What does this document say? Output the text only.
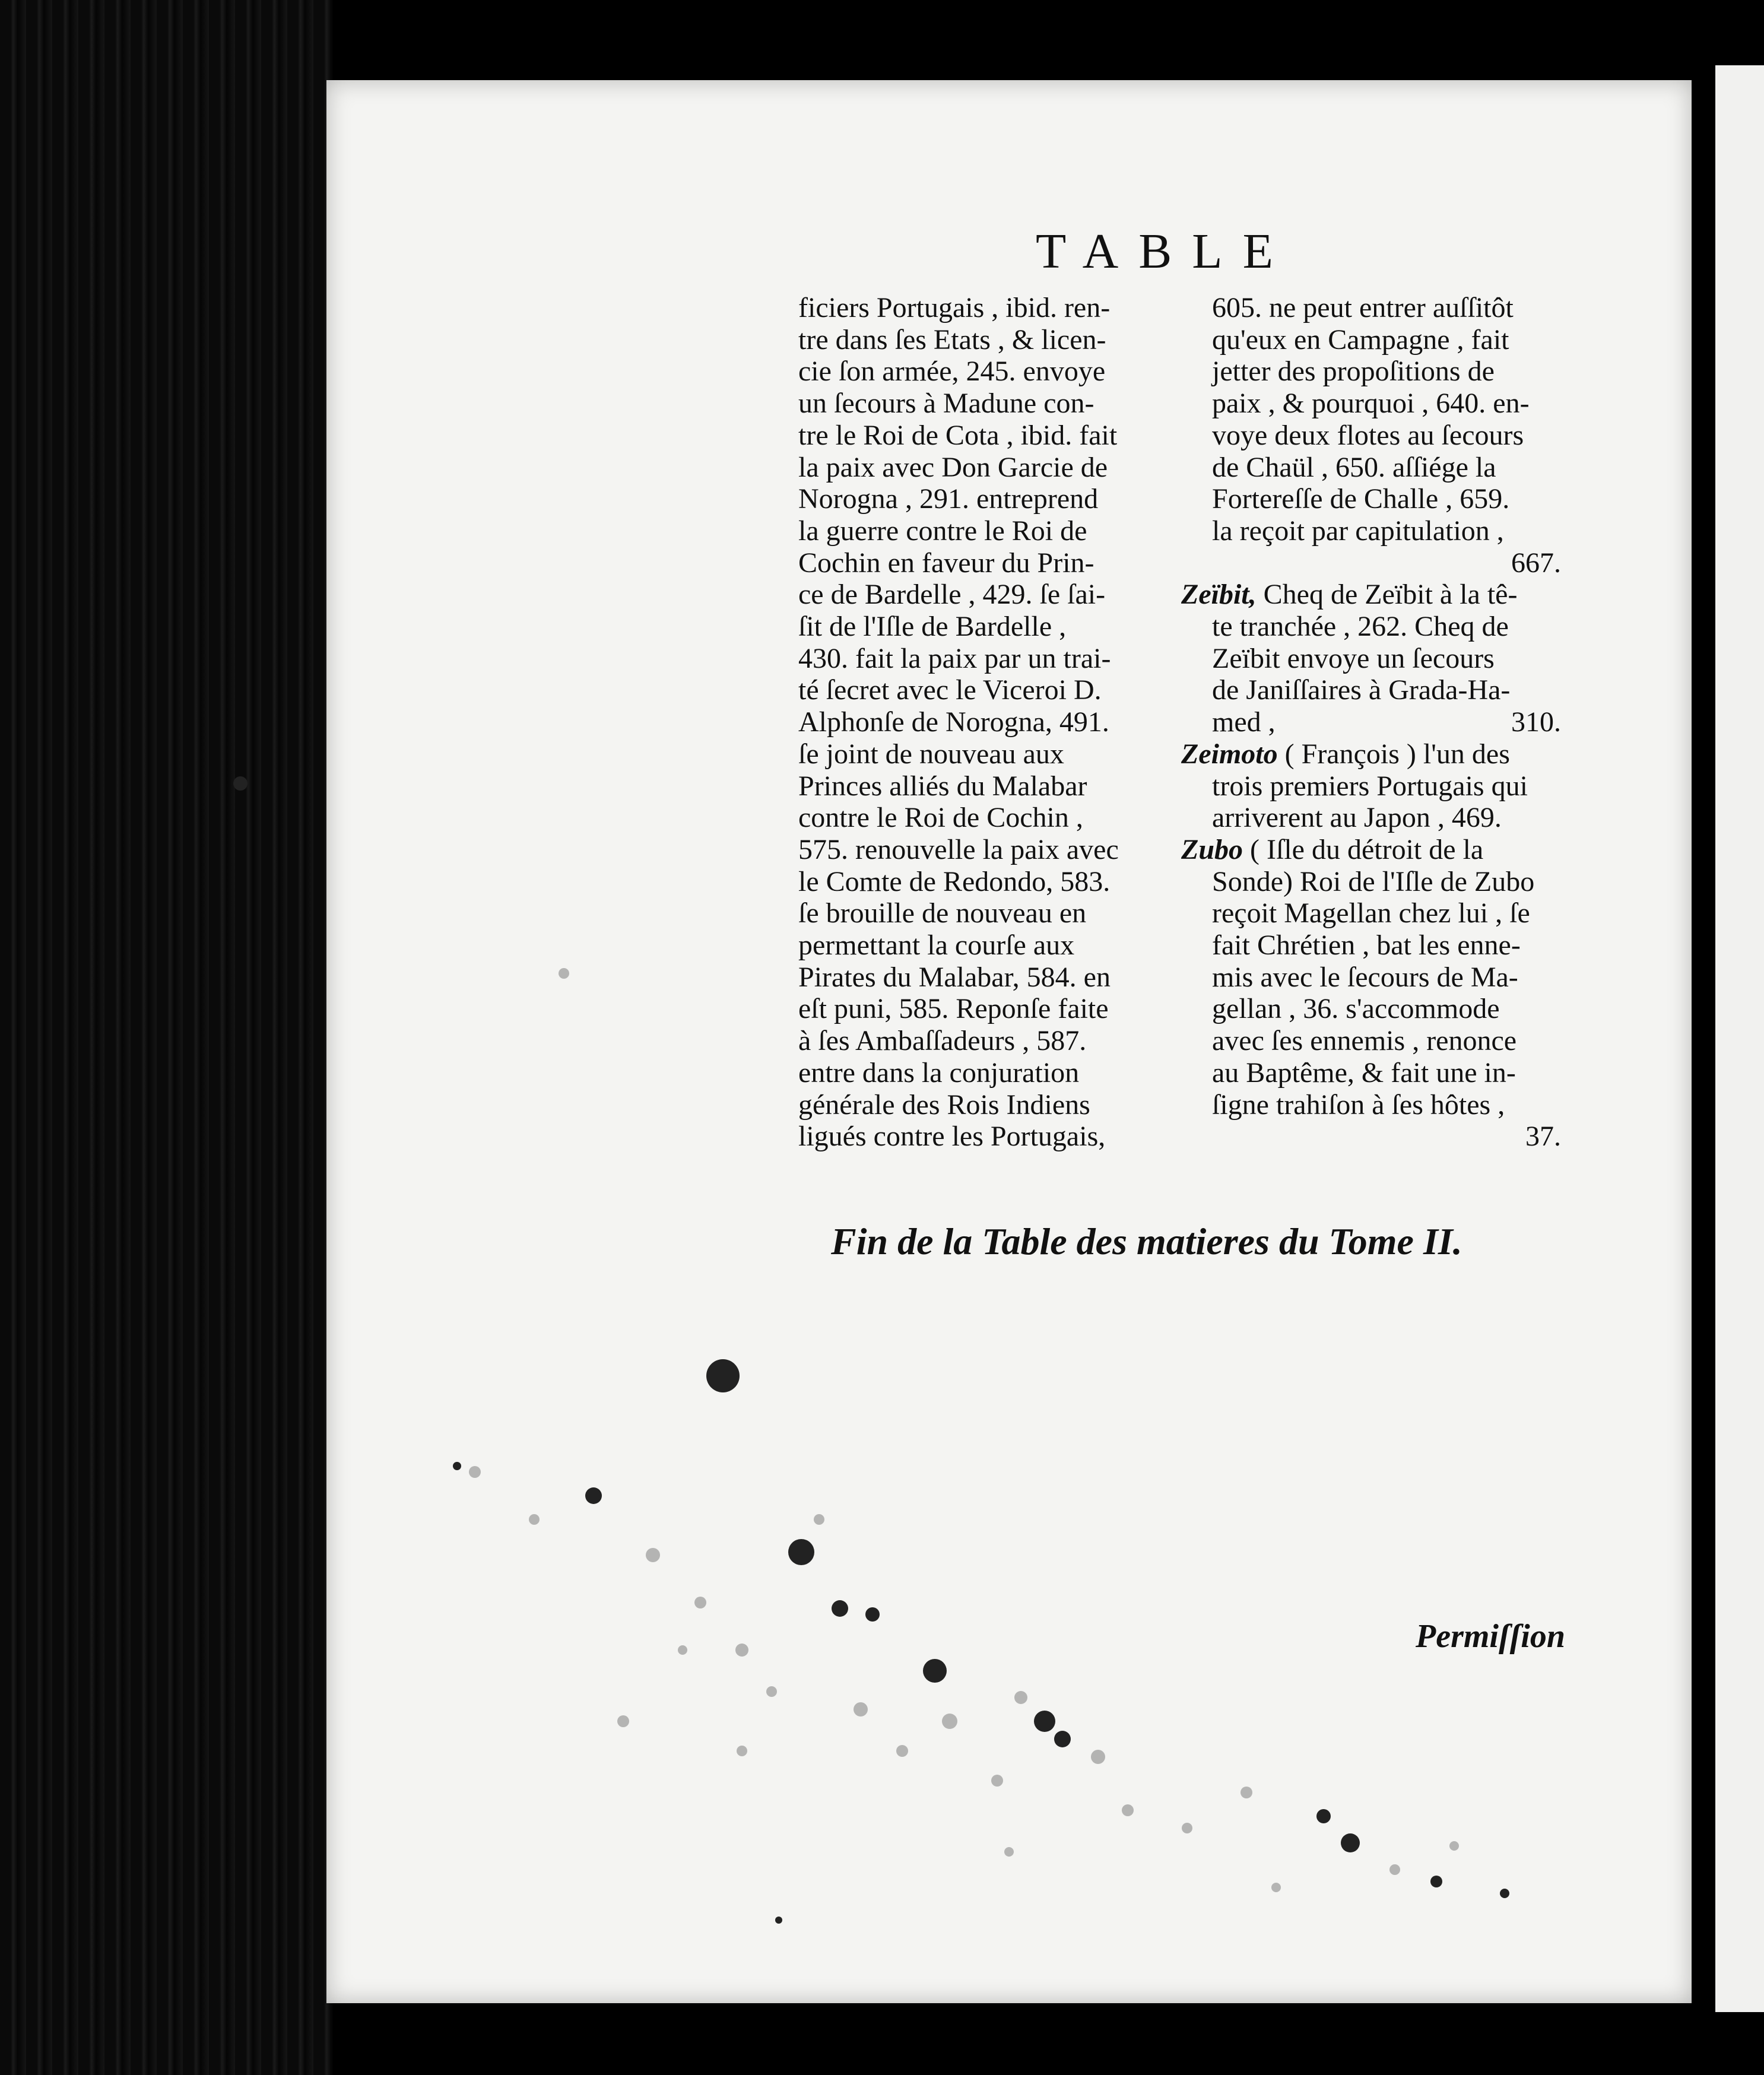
TABLE
ficiers Portugais , ibid. ren-
tre dans ſes Etats , & licen-
cie ſon armée, 245. envoye
un ſecours à Madune con-
tre le Roi de Cota , ibid. fait
la paix avec Don Garcie de
Norogna , 291. entreprend
la guerre contre le Roi de
Cochin en faveur du Prin-
ce de Bardelle , 429. ſe ſai-
ſit de l'Iſle de Bardelle ,
430. fait la paix par un trai-
té ſecret avec le Viceroi D.
Alphonſe de Norogna, 491.
ſe joint de nouveau aux
Princes alliés du Malabar
contre le Roi de Cochin ,
575. renouvelle la paix avec
le Comte de Redondo, 583.
ſe brouille de nouveau en
permettant la courſe aux
Pirates du Malabar, 584. en
eſt puni, 585. Reponſe faite
à ſes Ambaſſadeurs , 587.
entre dans la conjuration
générale des Rois Indiens
ligués contre les Portugais,
605. ne peut entrer auſſitôt
qu'eux en Campagne , fait
jetter des propoſitions de
paix , & pourquoi , 640. en-
voye deux flotes au ſecours
de Chaül , 650. aſſiége la
Fortereſſe de Challe , 659.
la reçoit par capitulation ,
667.
Zeïbit, Cheq de Zeïbit à la tê-
te tranchée , 262. Cheq de
Zeïbit envoye un ſecours
de Janiſſaires à Grada-Ha-
med ,	310.
Zeimoto ( François ) l'un des
trois premiers Portugais qui
arriverent au Japon , 469.
Zubo ( Iſle du détroit de la
Sonde) Roi de l'Iſle de Zubo
reçoit Magellan chez lui , ſe
fait Chrétien , bat les enne-
mis avec le ſecours de Ma-
gellan , 36. s'accommode
avec ſes ennemis , renonce
au Baptême, & fait une in-
ſigne trahiſon à ſes hôtes ,
37.
Fin de la Table des matieres du Tome II.
Permiſſion
